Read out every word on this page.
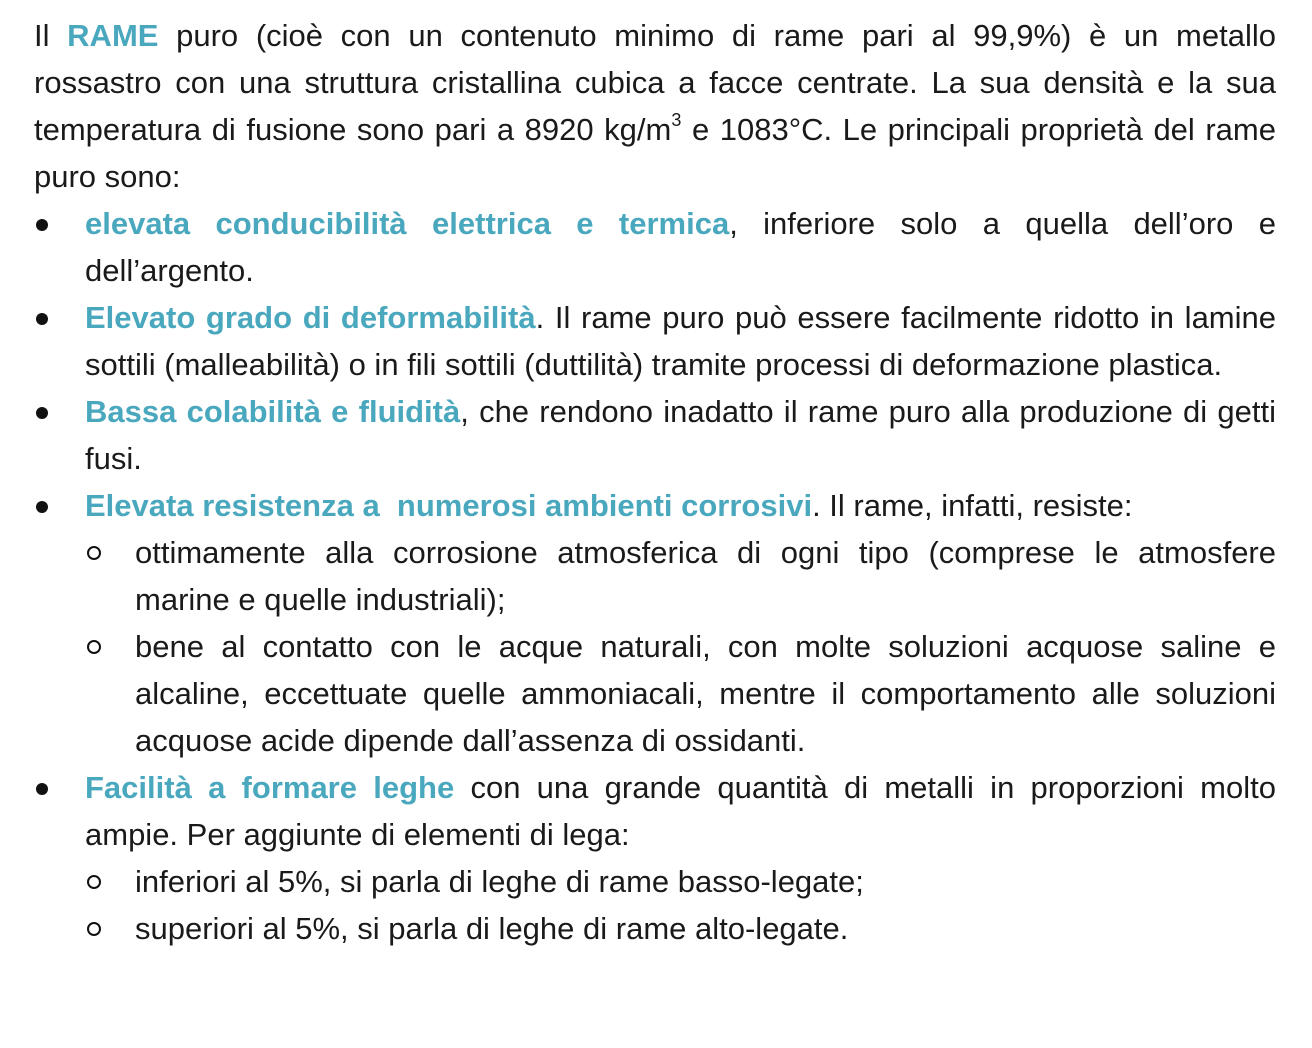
Il RAME puro (cioè con un contenuto minimo di rame pari al 99,9%) è un metallo rossastro con una struttura cristallina cubica a facce centrate. La sua densità e la sua temperatura di fusione sono pari a 8920 $kg/m^3$ e 1083°C. Le principali proprietà del rame puro sono:

elevata conducibilità elettrica e termica, inferiore solo a quella dell’oro e dell’argento.
Elevato grado di deformabilità. Il rame puro può essere facilmente ridotto in lamine sottili (malleabilità) o in fili sottili (duttilità) tramite processi di deformazione plastica.
Bassa colabilità e fluidità, che rendono inadatto il rame puro alla produzione di getti fusi.
Elevata resistenza a  numerosi ambienti corrosivi. Il rame, infatti, resiste:
ottimamente alla corrosione atmosferica di ogni tipo (comprese le atmosfere marine e quelle industriali);
bene al contatto con le acque naturali, con molte soluzioni acquose saline e alcaline, eccettuate quelle ammoniacali, mentre il comportamento alle soluzioni acquose acide dipende dall’assenza di ossidanti.
Facilità a formare leghe con una grande quantità di metalli in proporzioni molto ampie. Per aggiunte di elementi di lega:
inferiori al 5%, si parla di leghe di rame basso-legate;
superiori al 5%, si parla di leghe di rame alto-legate.
